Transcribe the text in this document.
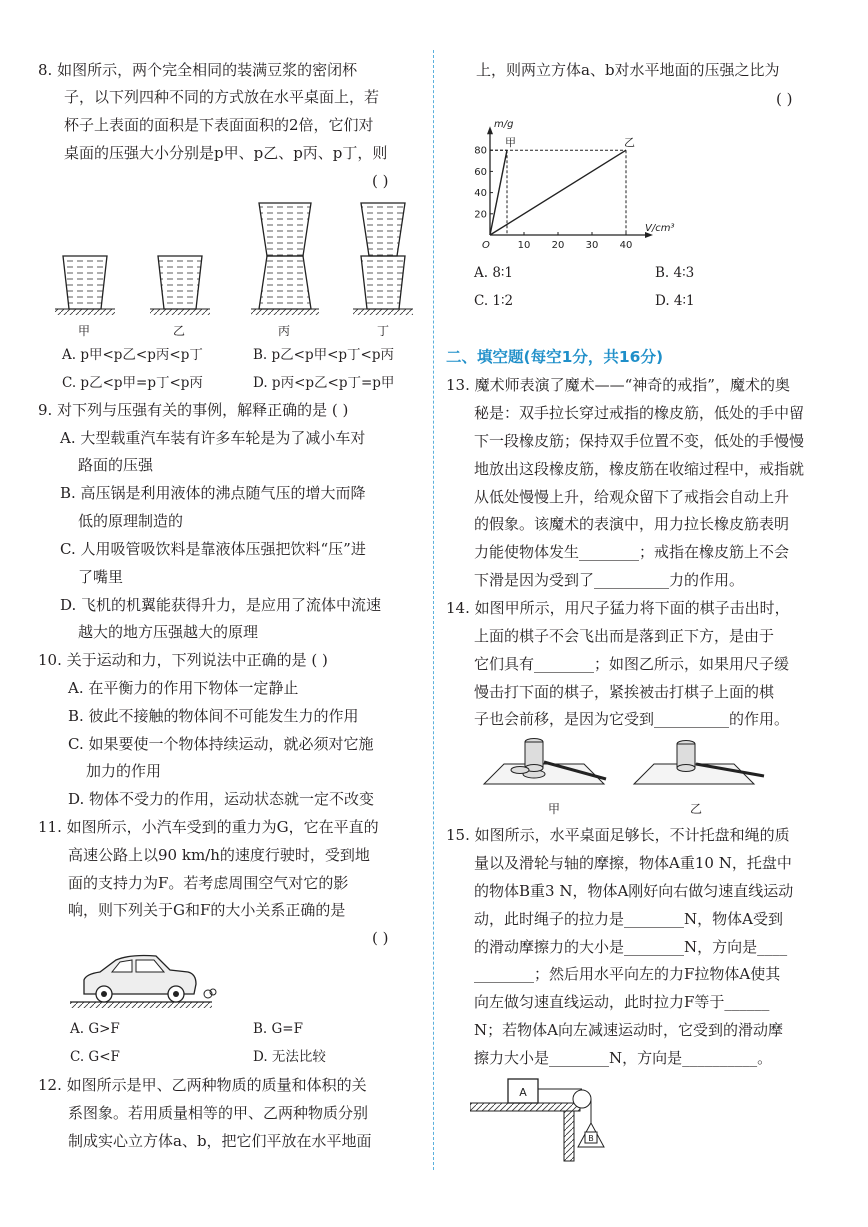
8. 如图所示，两个完全相同的装满豆浆的密闭杯
子，以下列四种不同的方式放在水平桌面上，若
杯子上表面的面积是下表面面积的2倍，它们对
桌面的压强大小分别是p甲、p乙、p丙、p丁，则
( )
甲	乙	丙	丁
A. p甲<p乙<p丙<p丁	B. p乙<p甲<p丁<p丙
C. p乙<p甲=p丁<p丙	D. p丙<p乙<p丁=p甲
9. 对下列与压强有关的事例，解释正确的是 ( )
A. 大型载重汽车装有许多车轮是为了减小车对
路面的压强
B. 高压锅是利用液体的沸点随气压的增大而降
低的原理制造的
C. 人用吸管吸饮料是靠液体压强把饮料“压”进
了嘴里
D. 飞机的机翼能获得升力，是应用了流体中流速
越大的地方压强越大的原理
10. 关于运动和力，下列说法中正确的是 ( )
A. 在平衡力的作用下物体一定静止
B. 彼此不接触的物体间不可能发生力的作用
C. 如果要使一个物体持续运动，就必须对它施
加力的作用
D. 物体不受力的作用，运动状态就一定不改变
11. 如图所示，小汽车受到的重力为G，它在平直的
高速公路上以90 km/h的速度行驶时，受到地
面的支持力为F。若考虑周围空气对它的影
响，则下列关于G和F的大小关系正确的是
( )
A. G>F	B. G=F
C. G<F	D. 无法比较
12. 如图所示是甲、乙两种物质的质量和体积的关
系图象。若用质量相等的甲、乙两种物质分别
制成实心立方体a、b，把它们平放在水平地面
上，则两立方体a、b对水平地面的压强之比为
( )
10 20 30 40
20
40
60
80
O
m/g
V/cm³
甲	乙
A. 8∶1	B. 4∶3
C. 1∶2	D. 4∶1
二、填空题(每空1分，共16分)
13. 魔术师表演了魔术——“神奇的戒指”，魔术的奥
秘是：双手拉长穿过戒指的橡皮筋，低处的手中留
下一段橡皮筋；保持双手位置不变，低处的手慢慢
地放出这段橡皮筋，橡皮筋在收缩过程中，戒指就
从低处慢慢上升，给观众留下了戒指会自动上升
的假象。该魔术的表演中，用力拉长橡皮筋表明
力能使物体发生________；戒指在橡皮筋上不会
下滑是因为受到了__________力的作用。
14. 如图甲所示，用尺子猛力将下面的棋子击出时，
上面的棋子不会飞出而是落到正下方，是由于
它们具有________；如图乙所示，如果用尺子缓
慢击打下面的棋子，紧挨被击打棋子上面的棋
子也会前移，是因为它受到__________的作用。
甲	乙
15. 如图所示，水平桌面足够长，不计托盘和绳的质
量以及滑轮与轴的摩擦，物体A重10 N，托盘中
的物体B重3 N，物体A刚好向右做匀速直线运动
动，此时绳子的拉力是________N，物体A受到
的滑动摩擦力的大小是________N，方向是____
________；然后用水平向左的力F拉物体A使其
向左做匀速直线运动，此时拉力F等于______
N；若物体A向左减速运动时，它受到的滑动摩
擦力大小是________N，方向是__________。
A
B
